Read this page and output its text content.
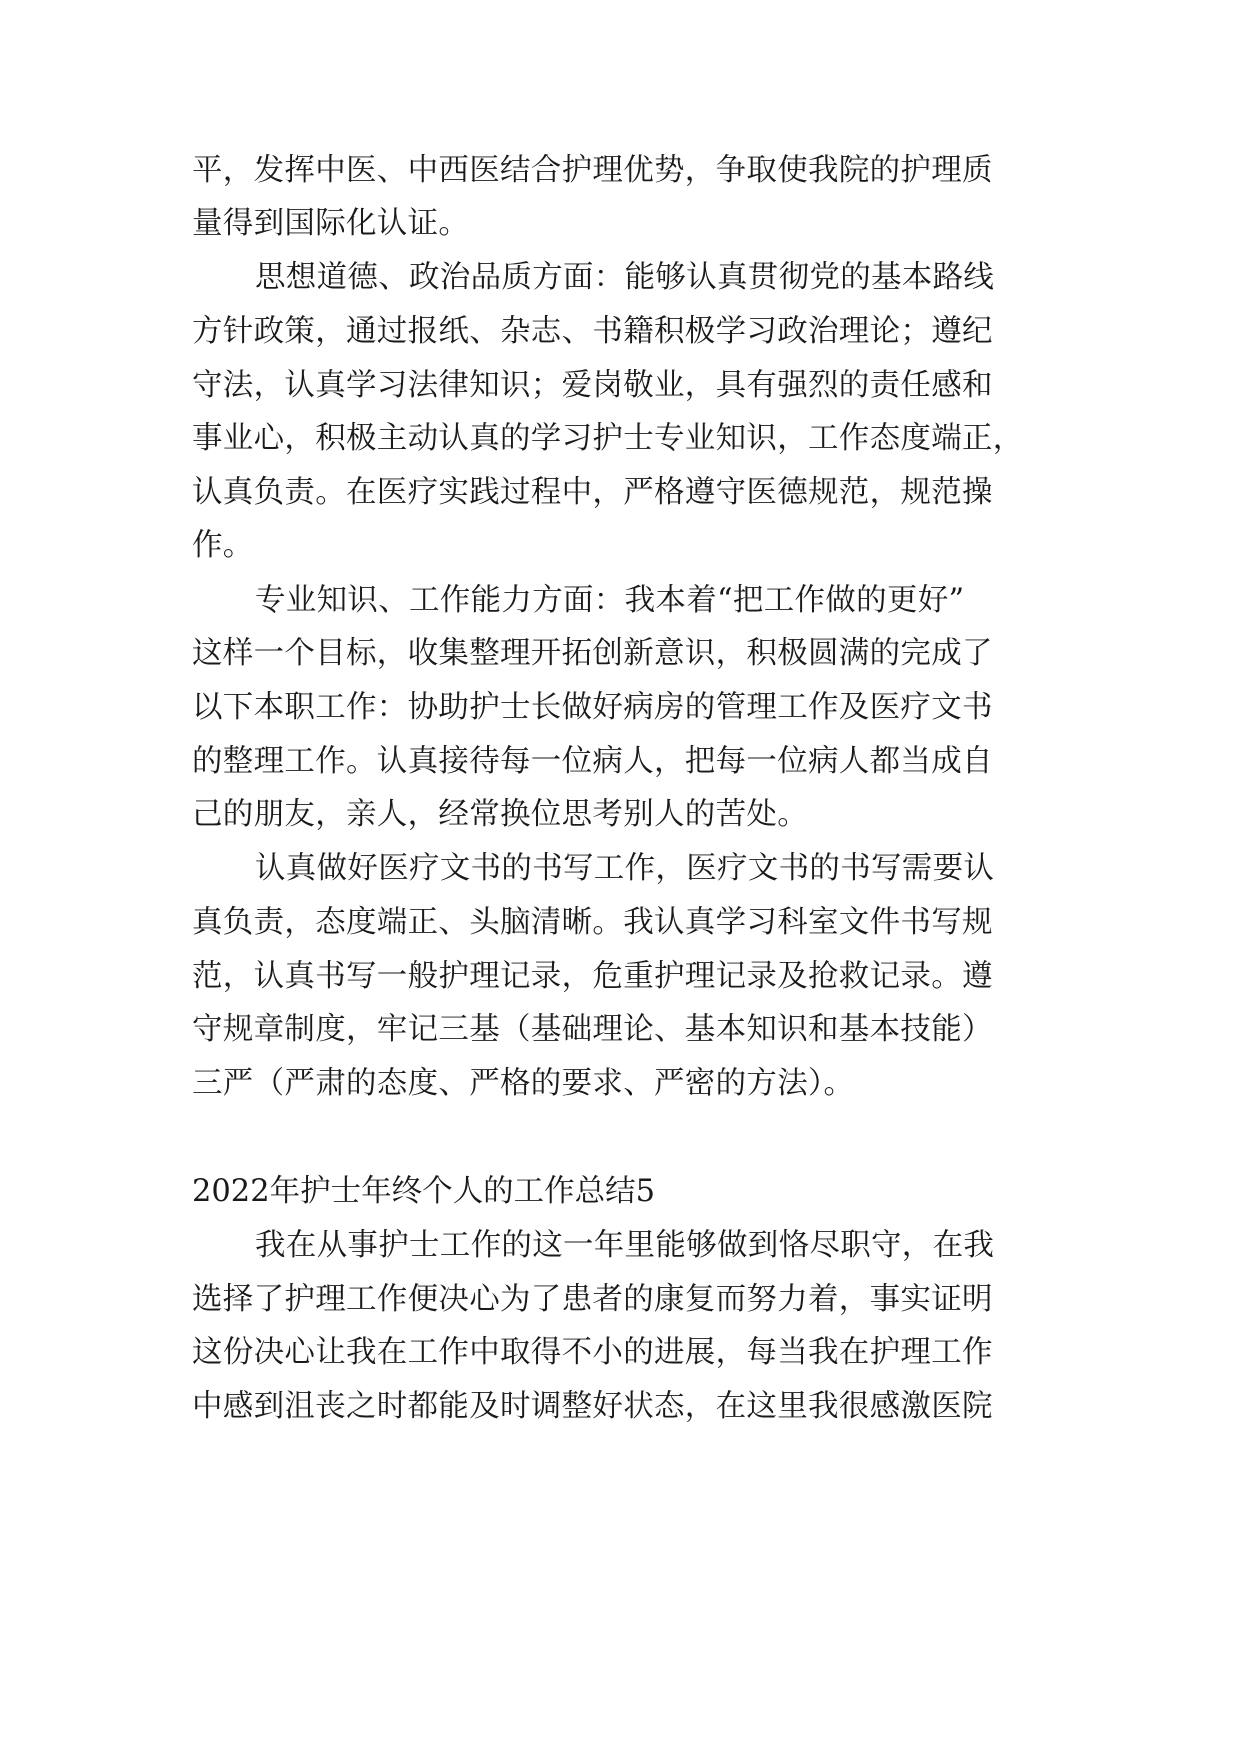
平，发挥中医、中西医结合护理优势，争取使我院的护理质
量得到国际化认证。
思想道德、政治品质方面：能够认真贯彻党的基本路线
方针政策，通过报纸、杂志、书籍积极学习政治理论；遵纪
守法，认真学习法律知识；爱岗敬业，具有强烈的责任感和
事业心，积极主动认真的学习护士专业知识，工作态度端正，
认真负责。在医疗实践过程中，严格遵守医德规范，规范操
作。
专业知识、工作能力方面：我本着“把工作做的更好”
这样一个目标，收集整理开拓创新意识，积极圆满的完成了
以下本职工作：协助护士长做好病房的管理工作及医疗文书
的整理工作。认真接待每一位病人，把每一位病人都当成自
己的朋友，亲人，经常换位思考别人的苦处。
认真做好医疗文书的书写工作，医疗文书的书写需要认
真负责，态度端正、头脑清晰。我认真学习科室文件书写规
范，认真书写一般护理记录，危重护理记录及抢救记录。遵
守规章制度，牢记三基（基础理论、基本知识和基本技能）
三严（严肃的态度、严格的要求、严密的方法）。
2022年护士年终个人的工作总结5
我在从事护士工作的这一年里能够做到恪尽职守，在我
选择了护理工作便决心为了患者的康复而努力着，事实证明
这份决心让我在工作中取得不小的进展，每当我在护理工作
中感到沮丧之时都能及时调整好状态，在这里我很感激医院
